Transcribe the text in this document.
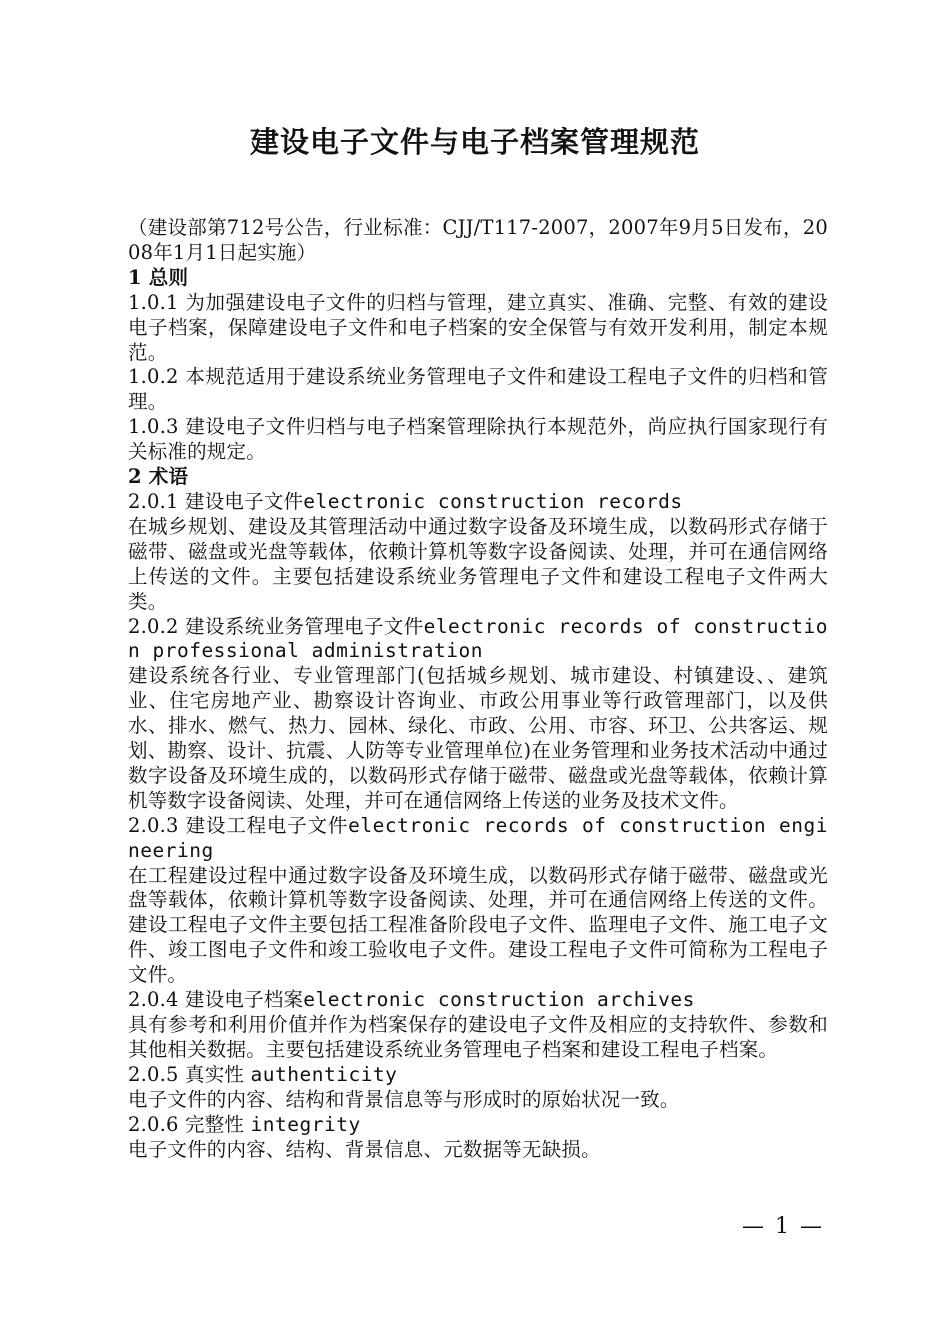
建设电子文件与电子档案管理规范

（建设部第712号公告，行业标准：CJJ/T117-2007，2007年9月5日发布，2008年1月1日起实施）

1 总则

1.0.1 为加强建设电子文件的归档与管理，建立真实、准确、完整、有效的建设电子档案，保障建设电子文件和电子档案的安全保管与有效开发利用，制定本规范。

1.0.2 本规范适用于建设系统业务管理电子文件和建设工程电子文件的归档和管理。

1.0.3 建设电子文件归档与电子档案管理除执行本规范外，尚应执行国家现行有关标准的规定。

2 术语

2.0.1 建设电子文件electronic construction records

在城乡规划、建设及其管理活动中通过数字设备及环境生成，以数码形式存储于磁带、磁盘或光盘等载体，依赖计算机等数字设备阅读、处理，并可在通信网络上传送的文件。主要包括建设系统业务管理电子文件和建设工程电子文件两大类。

2.0.2 建设系统业务管理电子文件electronic records of construction professional administration

建设系统各行业、专业管理部门(包括城乡规划、城市建设、村镇建设、、建筑业、住宅房地产业、勘察设计咨询业、市政公用事业等行政管理部门，以及供水、排水、燃气、热力、园林、绿化、市政、公用、市容、环卫、公共客运、规划、勘察、设计、抗震、人防等专业管理单位)在业务管理和业务技术活动中通过数字设备及环境生成的，以数码形式存储于磁带、磁盘或光盘等载体，依赖计算机等数字设备阅读、处理，并可在通信网络上传送的业务及技术文件。

2.0.3 建设工程电子文件electronic records of construction engineering

在工程建设过程中通过数字设备及环境生成，以数码形式存储于磁带、磁盘或光盘等载体，依赖计算机等数字设备阅读、处理，并可在通信网络上传送的文件。建设工程电子文件主要包括工程准备阶段电子文件、监理电子文件、施工电子文件、竣工图电子文件和竣工验收电子文件。建设工程电子文件可简称为工程电子文件。

2.0.4 建设电子档案electronic construction archives

具有参考和利用价值并作为档案保存的建设电子文件及相应的支持软件、参数和其他相关数据。主要包括建设系统业务管理电子档案和建设工程电子档案。

2.0.5 真实性 authenticity

电子文件的内容、结构和背景信息等与形成时的原始状况一致。

2.0.6 完整性 integrity

电子文件的内容、结构、背景信息、元数据等无缺损。

— 1 —
